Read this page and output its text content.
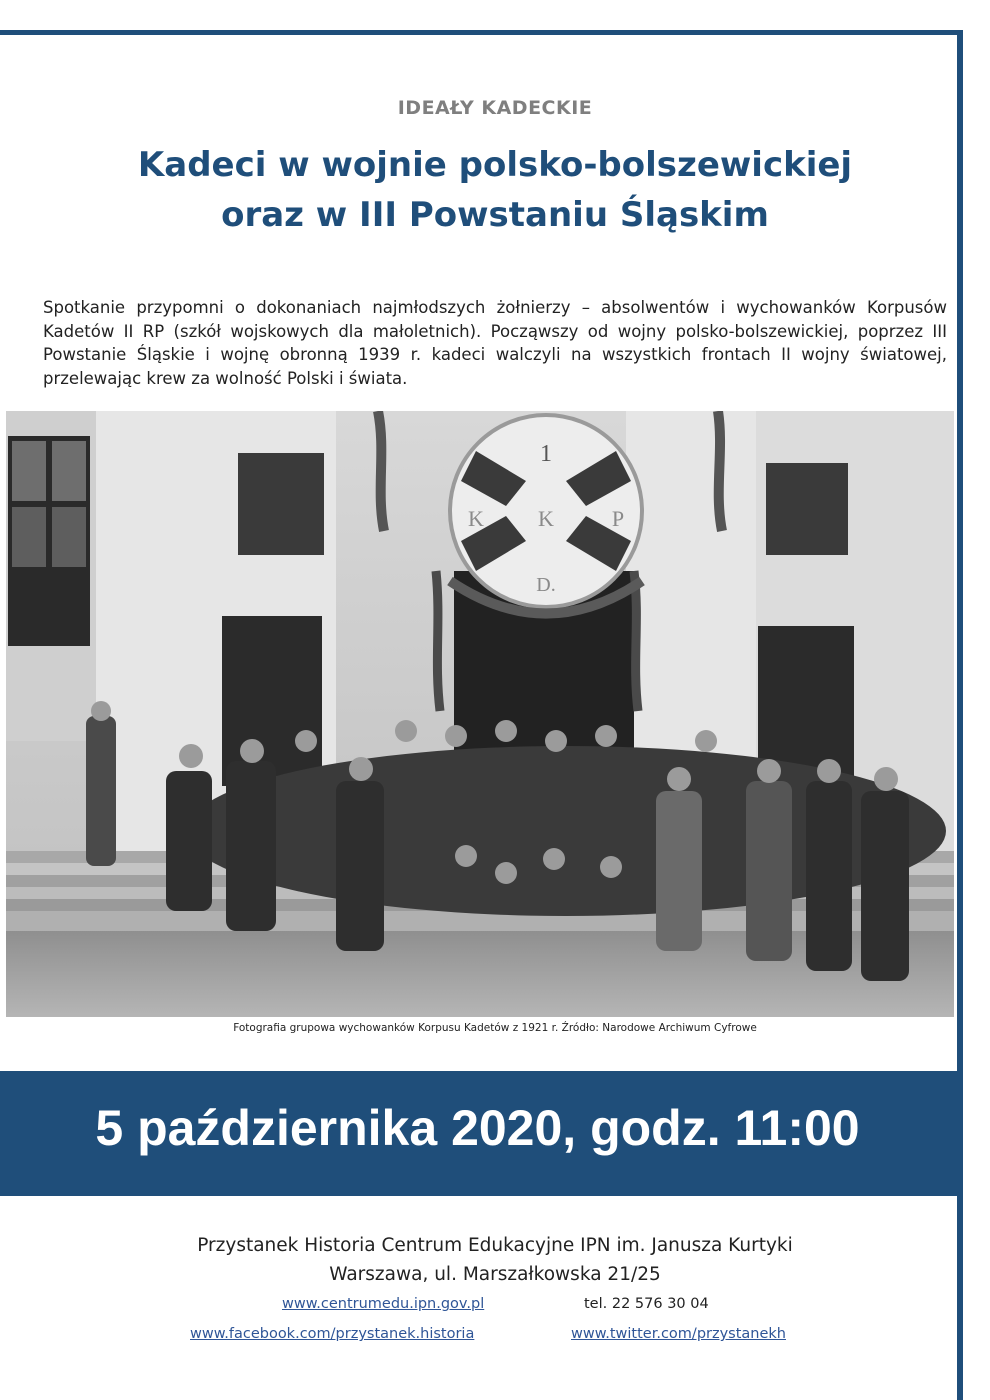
IDEAŁY KADECKIE
Kadeci w wojnie polsko-bolszewickiej
oraz w III Powstaniu Śląskim

Spotkanie przypomni o dokonaniach najmłodszych żołnierzy – absolwentów i wychowanków Korpusów Kadetów II RP (szkół wojskowych dla małoletnich). Począwszy od wojny polsko-bolszewickiej, poprzez III Powstanie Śląskie i wojnę obronną 1939 r. kadeci walczyli na wszystkich frontach II wojny światowej, przelewając krew za wolność Polski i świata.

1
K K	P
D.
Fotografia grupowa wychowanków Korpusu Kadetów z 1921 r. Źródło: Narodowe Archiwum Cyfrowe
5 października 2020, godz. 11:00
Przystanek Historia Centrum Edukacyjne IPN im. Janusza Kurtyki
Warszawa, ul. Marszałkowska 21/25
www.centrumedu.ipn.gov.pl	tel. 22 576 30 04
www.facebook.com/przystanek.historia	www.twitter.com/przystanekh
